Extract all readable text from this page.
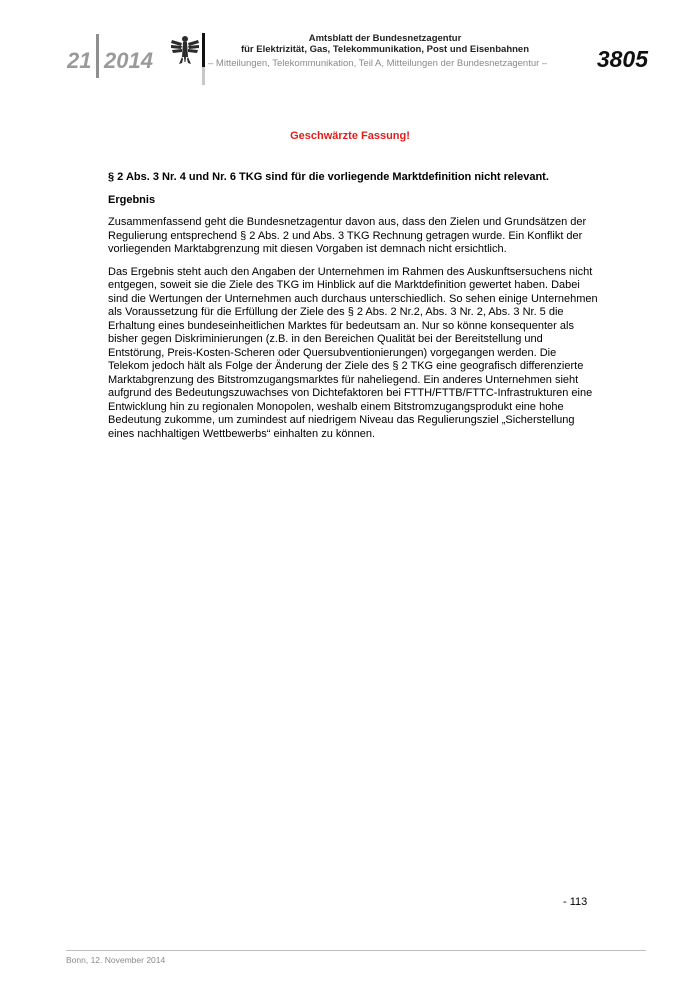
21 2014
Amtsblatt der Bundesnetzagentur
für Elektrizität, Gas, Telekommunikation, Post und Eisenbahnen
– Mitteilungen, Telekommunikation, Teil A, Mitteilungen der Bundesnetzagentur – 3805
Geschwärzte Fassung!

§ 2 Abs. 3 Nr. 4 und Nr. 6 TKG sind für die vorliegende Marktdefinition nicht relevant.

Ergebnis

Zusammenfassend geht die Bundesnetzagentur davon aus, dass den Zielen und Grundsätzen der Regulierung entsprechend § 2 Abs. 2 und Abs. 3 TKG Rechnung getragen wurde. Ein Konflikt der vorliegenden Marktabgrenzung mit diesen Vorgaben ist demnach nicht ersichtlich.

Das Ergebnis steht auch den Angaben der Unternehmen im Rahmen des Auskunftsersuchens nicht entgegen, soweit sie die Ziele des TKG im Hinblick auf die Marktdefinition gewertet haben. Dabei sind die Wertungen der Unternehmen auch durchaus unterschiedlich. So sehen einige Unternehmen als Voraussetzung für die Erfüllung der Ziele des § 2 Abs. 2 Nr.2, Abs. 3 Nr. 2, Abs. 3 Nr. 5 die Erhaltung eines bundeseinheitlichen Marktes für bedeutsam an. Nur so könne konsequenter als bisher gegen Diskriminierungen (z.B. in den Bereichen Qualität bei der Bereitstellung und Entstörung, Preis-Kosten-Scheren oder Quersubventionierungen) vorgegangen werden. Die Telekom jedoch hält als Folge der Änderung der Ziele des § 2 TKG eine geografisch differenzierte Marktabgrenzung des Bitstromzugangsmarktes für naheliegend. Ein anderes Unternehmen sieht aufgrund des Bedeutungszuwachses von Dichtefaktoren bei FTTH/FTTB/FTTC-Infrastrukturen eine Entwicklung hin zu regionalen Monopolen, weshalb einem Bitstromzugangsprodukt eine hohe Bedeutung zukomme, um zumindest auf niedrigem Niveau das Regulierungsziel „Sicherstellung eines nachhaltigen Wettbewerbs“ einhalten zu können.

- 113
Bonn, 12. November 2014
